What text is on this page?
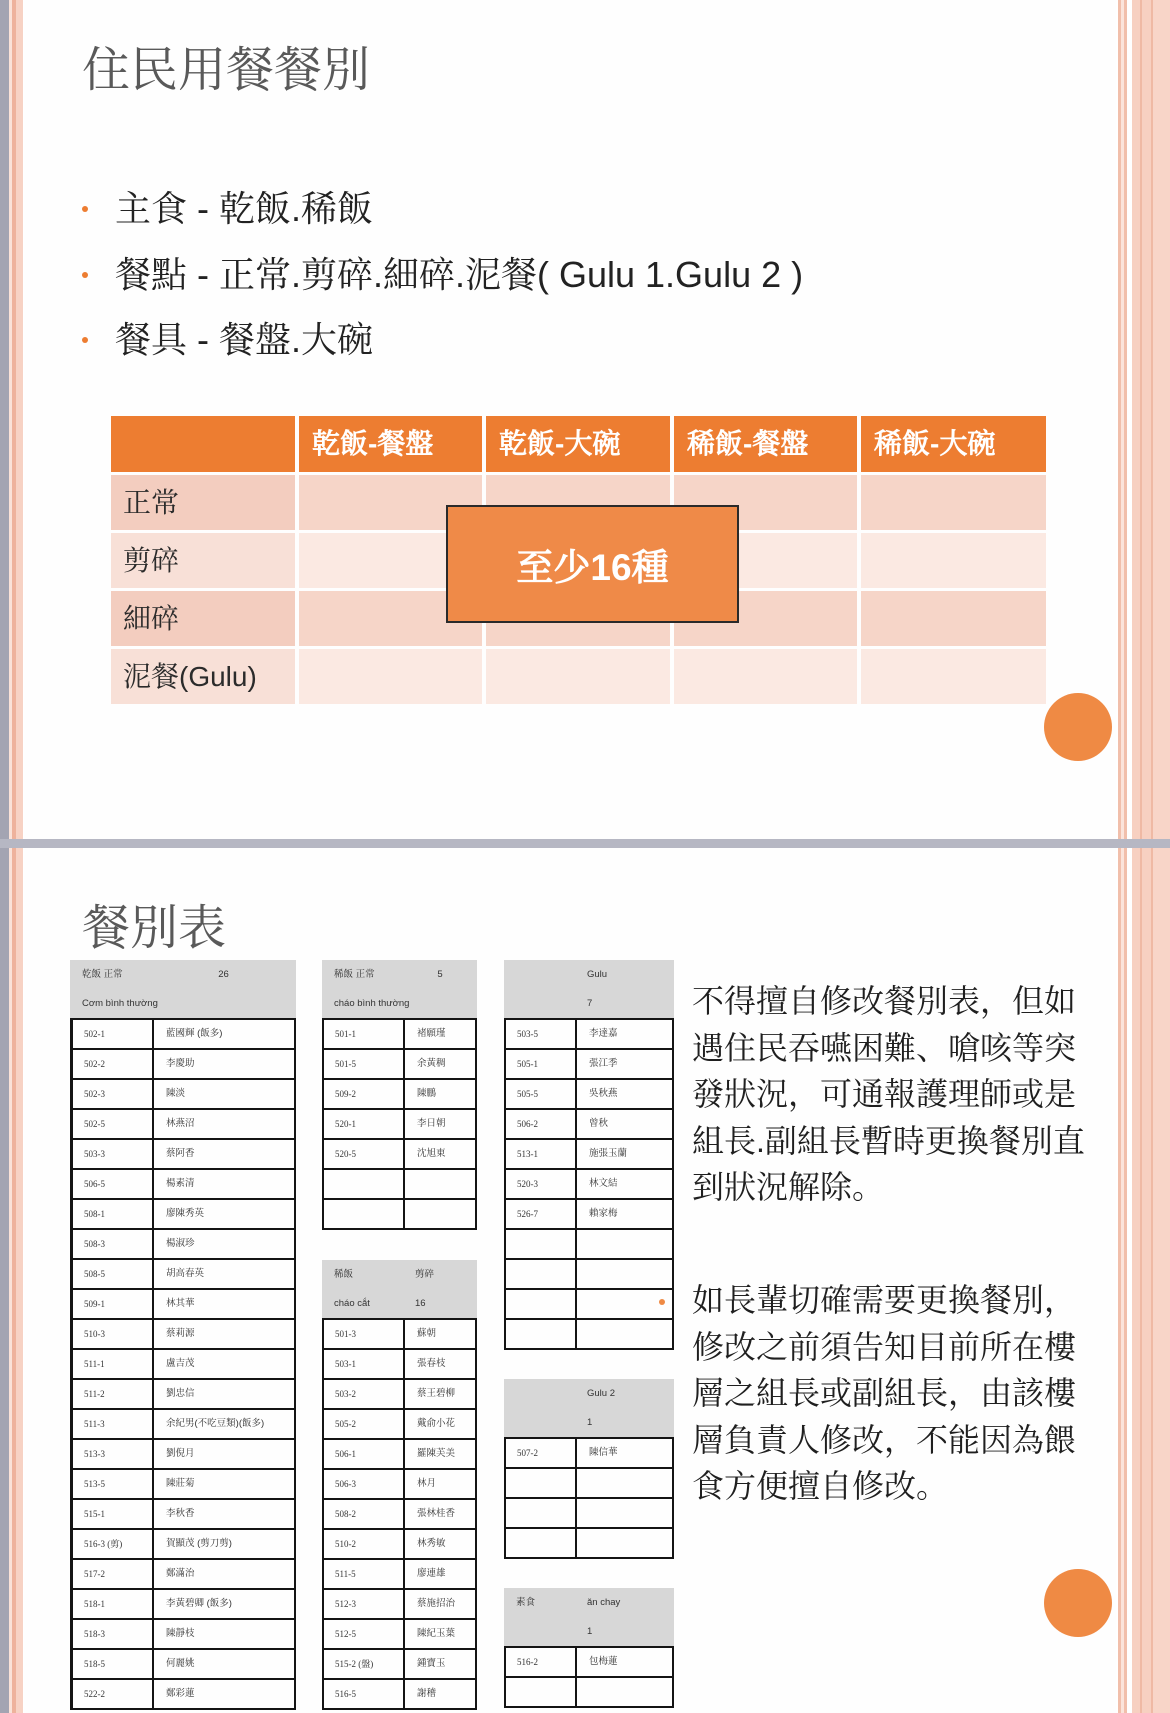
住民用餐餐別
主食 - 乾飯.稀飯
餐點 - 正常.剪碎.細碎.泥餐( Gulu 1.Gulu 2 )
餐具 - 餐盤.大碗
乾飯-餐盤	乾飯-大碗	稀飯-餐盤	稀飯-大碗
正常
剪碎
細碎
泥餐(Gulu)
至少16種
餐別表
乾飯 正常	26
Cơm bình thường
502-1	藍國輝 (飯多)
502-2	李慶助
502-3	陳淡
502-5	林燕沼
503-3	蔡阿香
506-5	楊素清
508-1	廖陳秀英
508-3	楊淑珍
508-5	胡高春英
509-1	林其華
510-3	蔡莉源
511-1	盧吉茂
511-2	劉忠信
511-3	余紀男(不吃豆類)(飯多)
513-3	劉倪月
513-5	陳莊菊
515-1	李秋香
516-3 (剪)	賀顯茂 (剪刀剪)
517-2	鄭滿治
518-1	李黃碧卿 (飯多)
518-3	陳靜枝
518-5	何麗姚
522-2	鄭彩蓮
稀飯 正常	5
cháo bình thường
501-1	褚願瑾
501-5	余黃稠
509-2	陳鵬
520-1	李日朝
520-5	沈旭東
稀飯	剪碎
cháo cắt	16
501-3	蘇朝
503-1	張春枝
503-2	蔡王碧柳
505-2	戴俞小花
506-1	羅陳芙美
506-3	林月
508-2	張林桂香
510-2	林秀敏
511-5	廖連雄
512-3	蔡施招治
512-5	陳紀玉葉
515-2 (盤)	鍾寶玉
516-5	謝稽
Gulu
7
503-5	李達嘉
505-1	張江季
505-5	吳秋燕
506-2	曾秋
513-1	施張玉蘭
520-3	林文結
526-7	賴家梅
Gulu 2
1
507-2	陳信華
素食	ăn chay
1
516-2	包梅蓮
不得擅自修改餐別表，但如
遇住民吞嚥困難、嗆咳等突
發狀況，可通報護理師或是
組長.副組長暫時更換餐別直
到狀況解除。
如長輩切確需要更換餐別，
修改之前須告知目前所在樓
層之組長或副組長，由該樓
層負責人修改，不能因為餵
食方便擅自修改。
